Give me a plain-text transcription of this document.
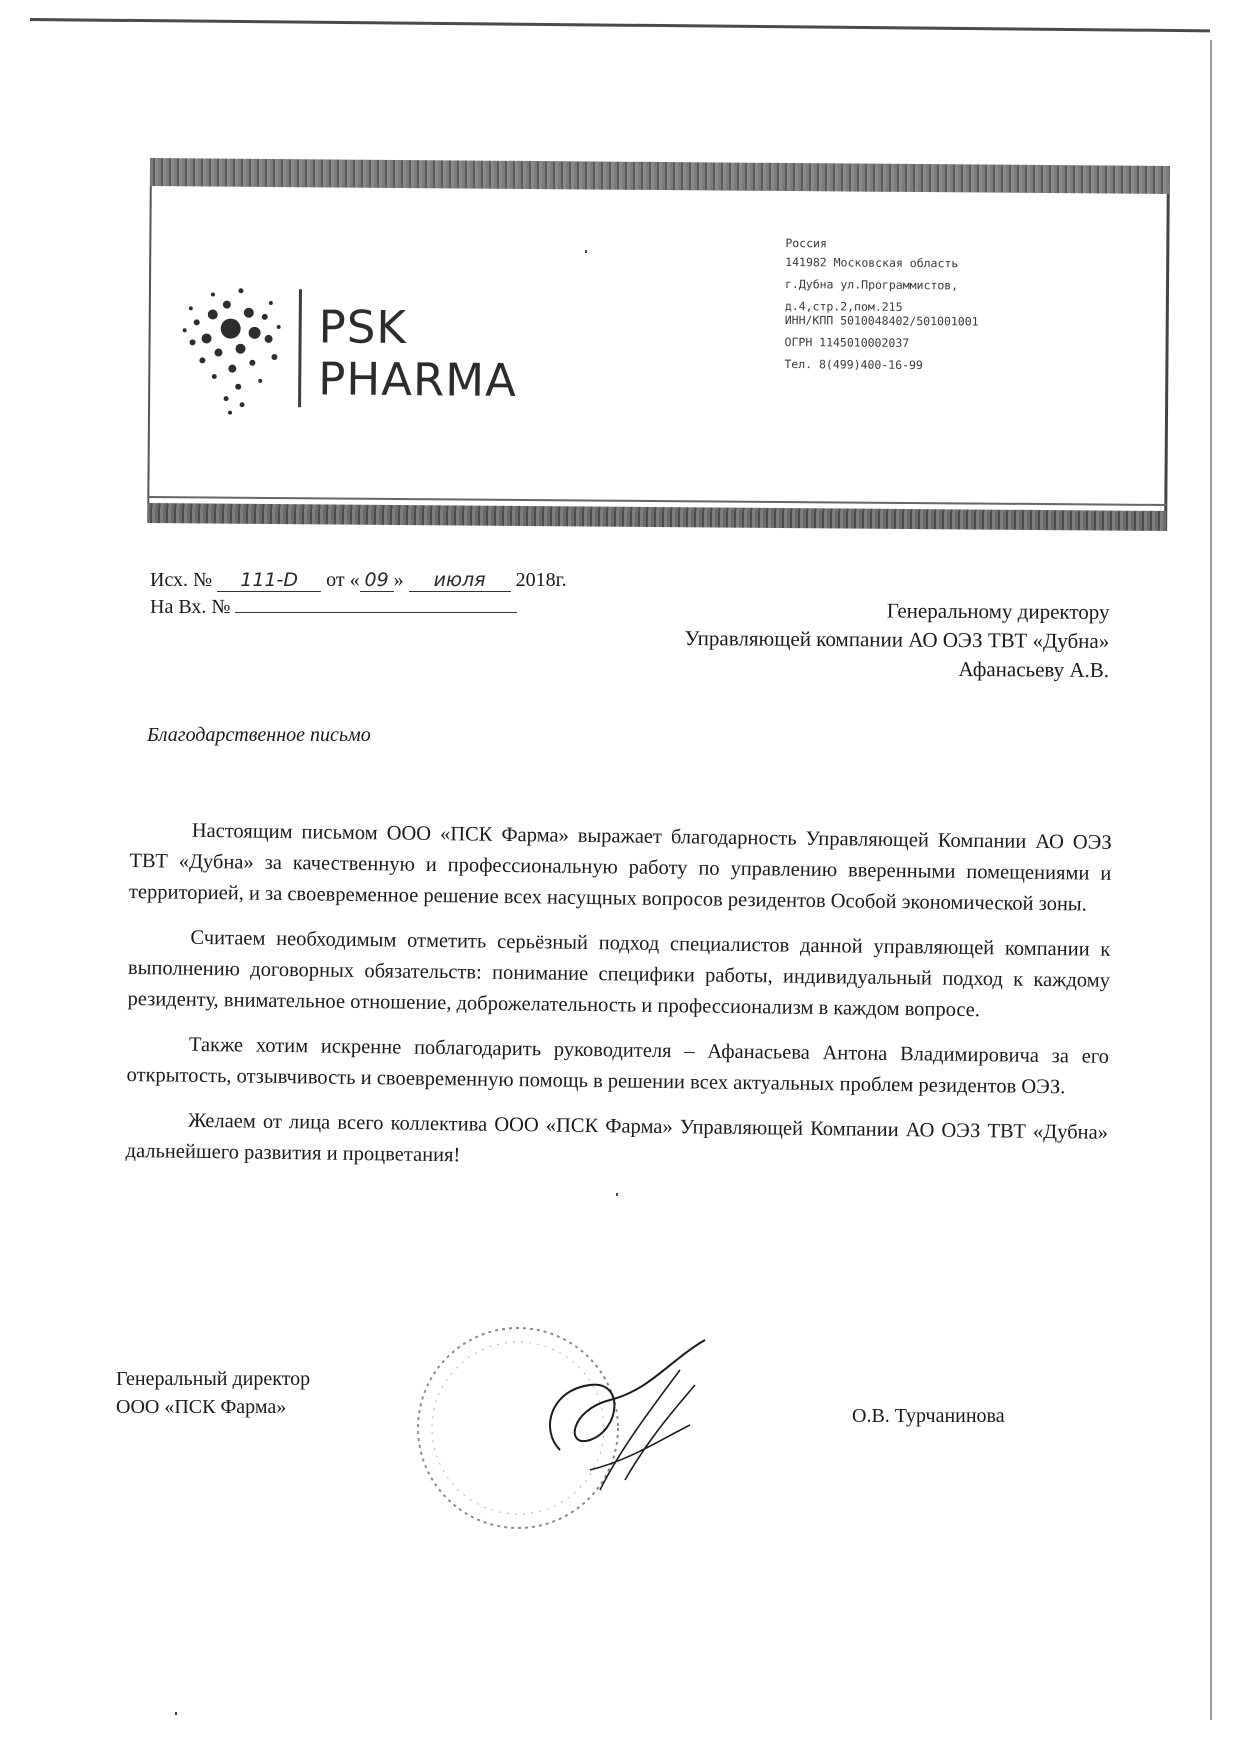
PSK
PHARMA
Россия
141982 Московская область
г.Дубна ул.Программистов,
д.4,стр.2,пом.215
ИНН/КПП 5010048402/501001001
ОГРН 1145010002037
Тел. 8(499)400-16-99
Исх. № 111-D от « 09 » июля 2018г.
На Вх. №	Генеральному директору
Управляющей компании АО ОЭЗ ТВТ «Дубна»
Афанасьеву А.В.
Благодарственное письмо

Настоящим письмом ООО «ПСК Фарма» выражает благодарность Управляющей Компании АО ОЭЗ ТВТ «Дубна» за качественную и профессиональную работу по управлению вверенными помещениями и территорией, и за своевременное решение всех насущных вопросов резидентов Особой экономической зоны.

Считаем необходимым отметить серьёзный подход специалистов данной управляющей компании к выполнению договорных обязательств: понимание специфики работы, индивидуальный подход к каждому резиденту, внимательное отношение, доброжелательность и профессионализм в каждом вопросе.

Также хотим искренне поблагодарить руководителя – Афанасьева Антона Владимировича за его открытость, отзывчивость и своевременную помощь в решении всех актуальных проблем резидентов ОЭЗ.

Желаем от лица всего коллектива ООО «ПСК Фарма» Управляющей Компании АО ОЭЗ ТВТ «Дубна» дальнейшего развития и процветания!

Генеральный директор
ООО «ПСК Фарма»	О.В. Турчанинова
